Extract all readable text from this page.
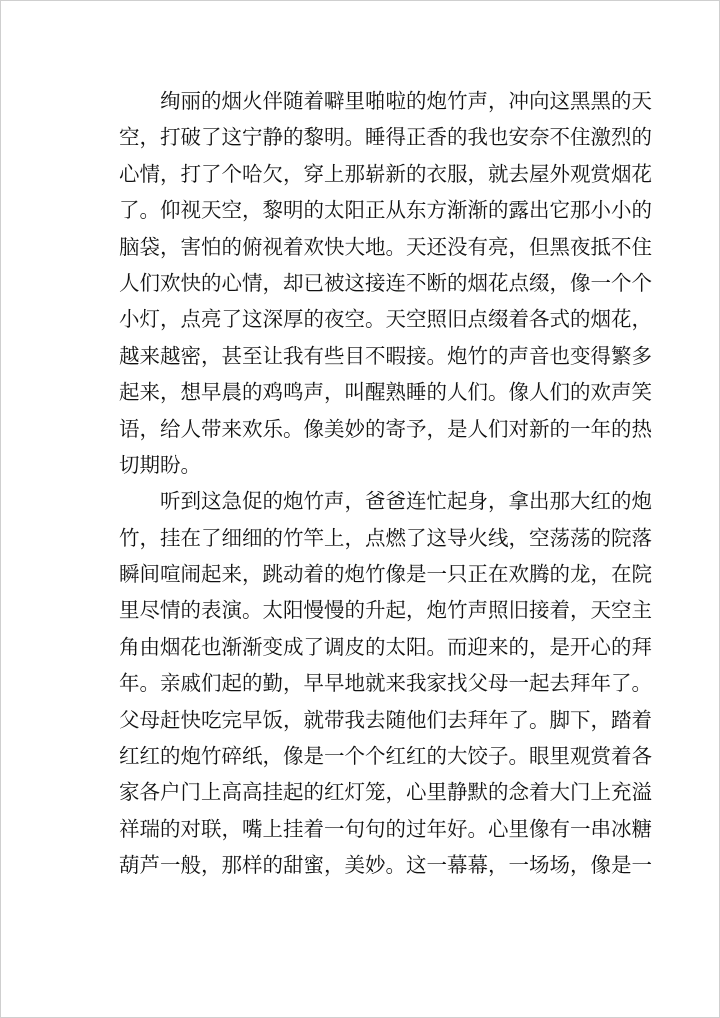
绚丽的烟火伴随着噼里啪啦的炮竹声，冲向这黑黑的天
空，打破了这宁静的黎明。睡得正香的我也安奈不住激烈的
心情，打了个哈欠，穿上那崭新的衣服，就去屋外观赏烟花
了。仰视天空，黎明的太阳正从东方渐渐的露出它那小小的
脑袋，害怕的俯视着欢快大地。天还没有亮，但黑夜抵不住
人们欢快的心情，却已被这接连不断的烟花点缀，像一个个
小灯，点亮了这深厚的夜空。天空照旧点缀着各式的烟花，
越来越密，甚至让我有些目不暇接。炮竹的声音也变得繁多
起来，想早晨的鸡鸣声，叫醒熟睡的人们。像人们的欢声笑
语，给人带来欢乐。像美妙的寄予，是人们对新的一年的热
切期盼。
听到这急促的炮竹声，爸爸连忙起身，拿出那大红的炮
竹，挂在了细细的竹竿上，点燃了这导火线，空荡荡的院落
瞬间喧闹起来，跳动着的炮竹像是一只正在欢腾的龙，在院
里尽情的表演。太阳慢慢的升起，炮竹声照旧接着，天空主
角由烟花也渐渐变成了调皮的太阳。而迎来的，是开心的拜
年。亲戚们起的勤，早早地就来我家找父母一起去拜年了。
父母赶快吃完早饭，就带我去随他们去拜年了。脚下，踏着
红红的炮竹碎纸，像是一个个红红的大饺子。眼里观赏着各
家各户门上高高挂起的红灯笼，心里静默的念着大门上充溢
祥瑞的对联，嘴上挂着一句句的过年好。心里像有一串冰糖
葫芦一般，那样的甜蜜，美妙。这一幕幕，一场场，像是一
